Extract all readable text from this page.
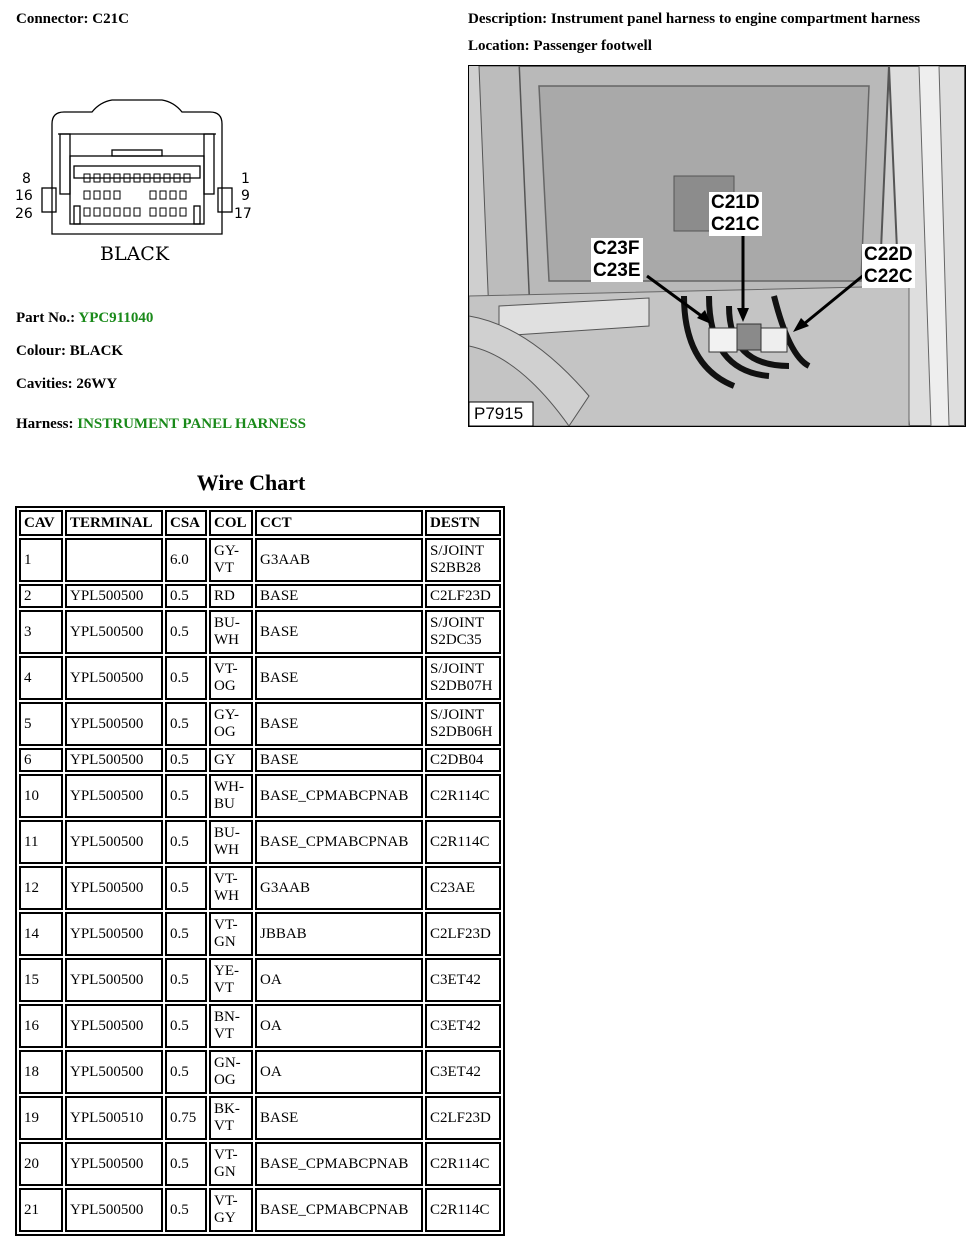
Connector: C21C	Description: Instrument panel harness to engine compartment harness
Location: Passenger footwell
8
16
26
1
9
17
BLACK
Part No.: YPC911040
Colour: BLACK
Cavities: 26WY
Harness: INSTRUMENT PANEL HARNESS
C23F
C23E
C21D
C21C
C22D
C22C
P7915
Wire Chart
CAV	TERMINAL	CSA	COL	CCT	DESTN
1		6.0	GY-VT	G3AAB	S/JOINT S2BB28
2	YPL500500	0.5	RD	BASE	C2LF23D
3	YPL500500	0.5	BU-WH	BASE	S/JOINT S2DC35
4	YPL500500	0.5	VT-OG	BASE	S/JOINT S2DB07H
5	YPL500500	0.5	GY-OG	BASE	S/JOINT S2DB06H
6	YPL500500	0.5	GY	BASE	C2DB04
10	YPL500500	0.5	WH-BU	BASE_CPMABCPNAB	C2R114C
11	YPL500500	0.5	BU-WH	BASE_CPMABCPNAB	C2R114C
12	YPL500500	0.5	VT-WH	G3AAB	C23AE
14	YPL500500	0.5	VT-GN	JBBAB	C2LF23D
15	YPL500500	0.5	YE-VT	OA	C3ET42
16	YPL500500	0.5	BN-VT	OA	C3ET42
18	YPL500500	0.5	GN-OG	OA	C3ET42
19	YPL500510	0.75	BK-VT	BASE	C2LF23D
20	YPL500500	0.5	VT-GN	BASE_CPMABCPNAB	C2R114C
21	YPL500500	0.5	VT-GY	BASE_CPMABCPNAB	C2R114C
